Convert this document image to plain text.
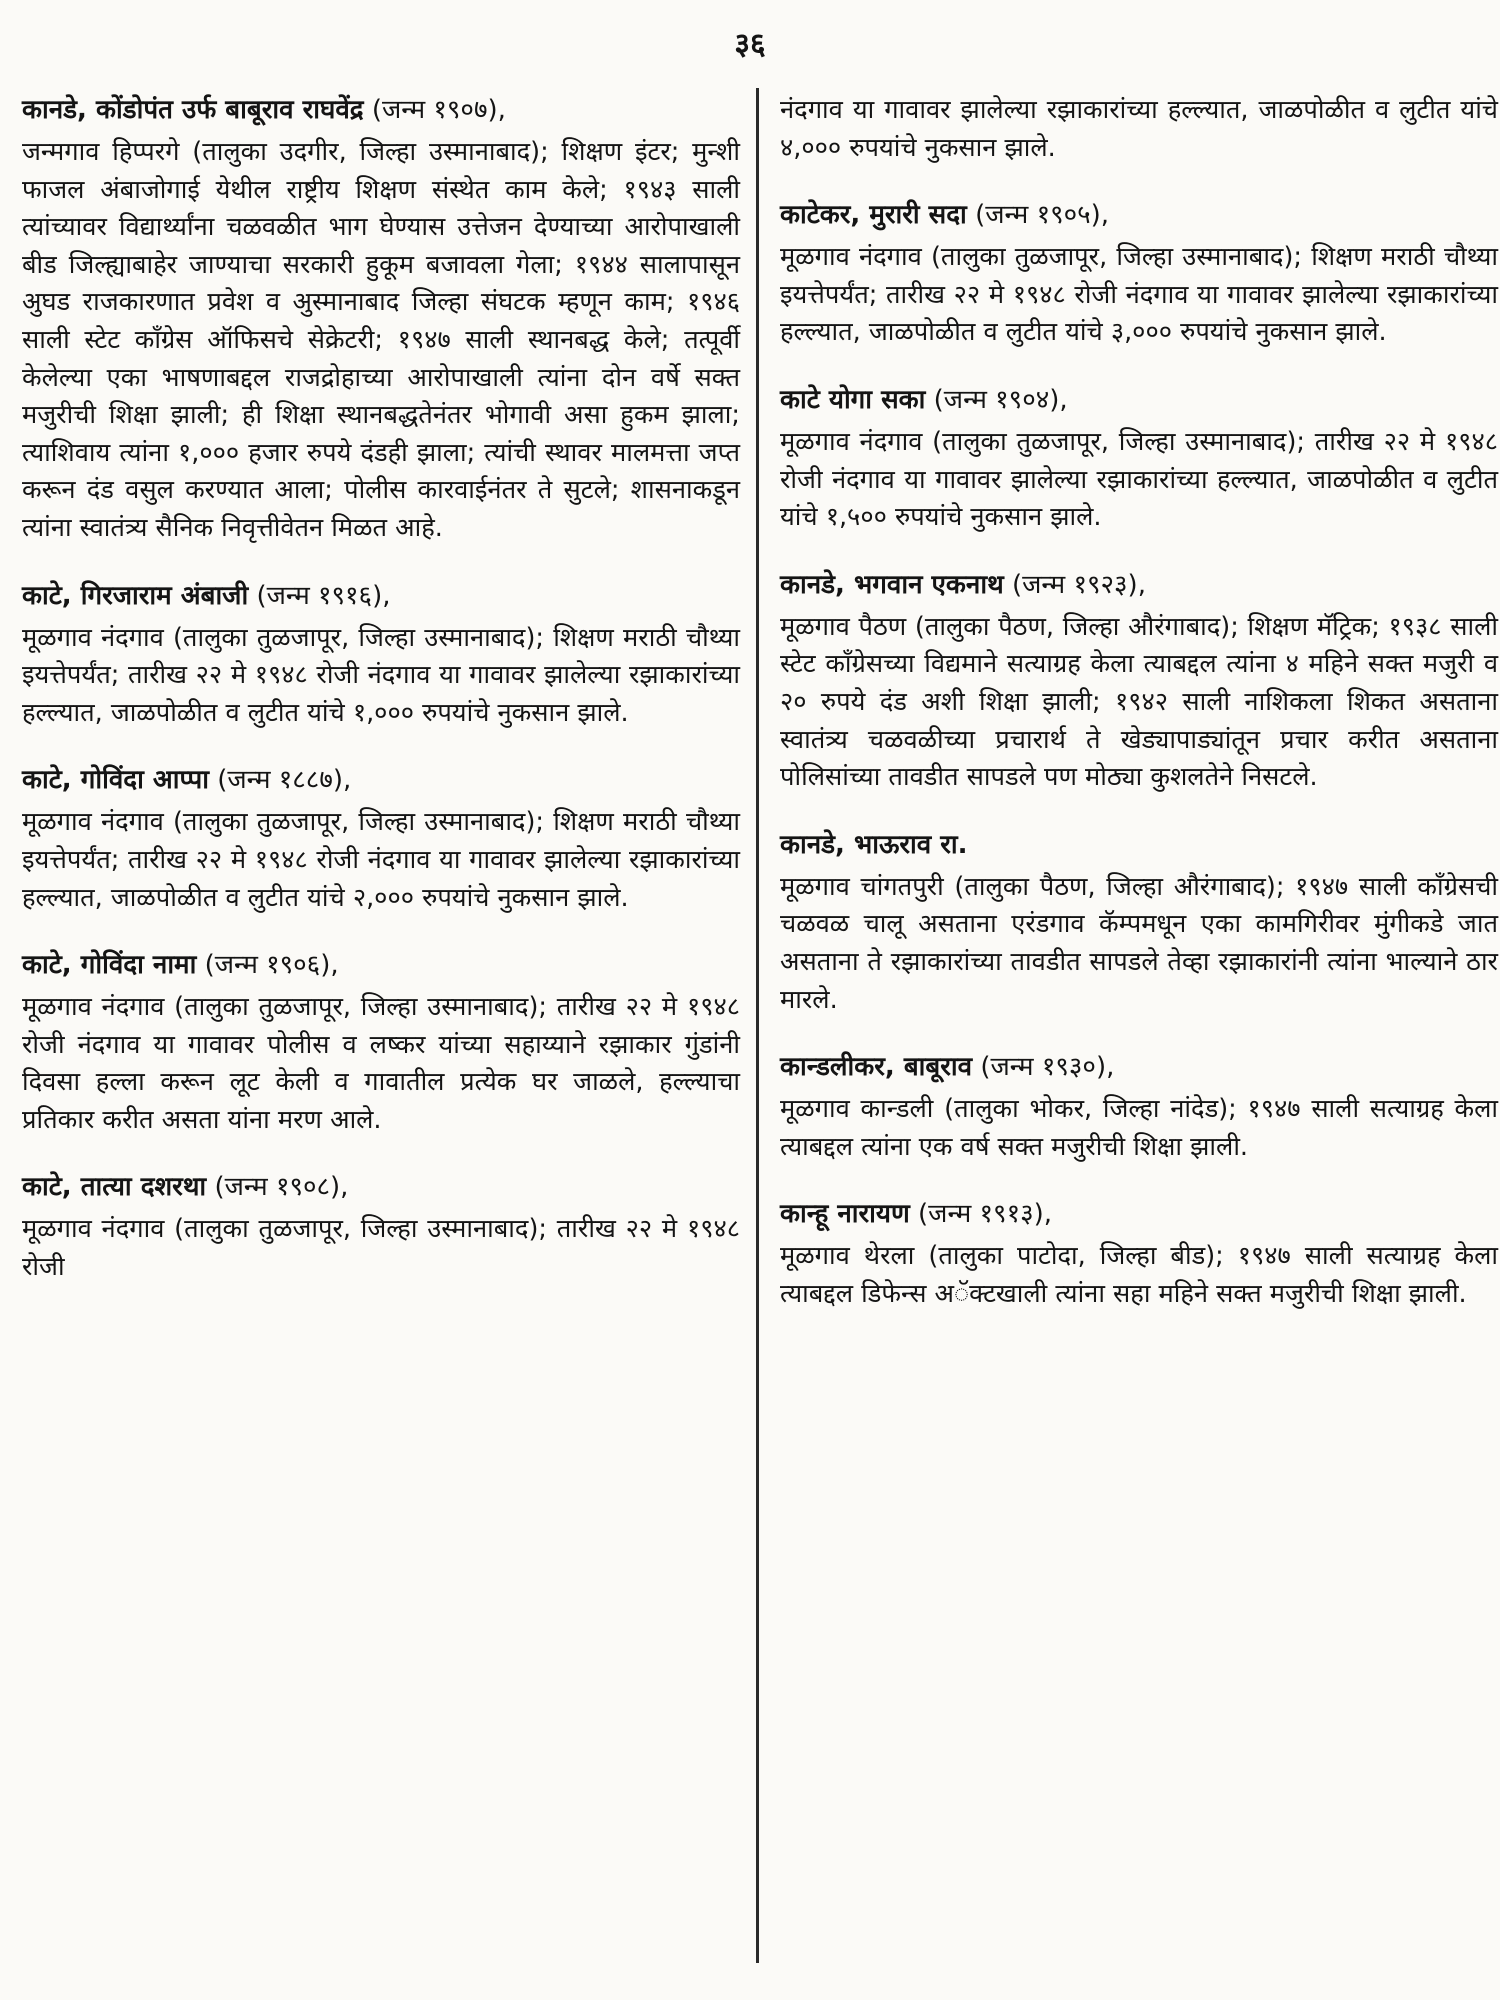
३६
कानडे, कोंडोपंत उर्फ बाबूराव राघवेंद्र (जन्म १९०७),

जन्मगाव हिप्परगे (तालुका उदगीर, जिल्हा उस्मानाबाद); शिक्षण इंटर; मुन्शी फाजल अंबाजोगाई येथील राष्ट्रीय शिक्षण संस्थेत काम केले; १९४३ साली त्यांच्यावर विद्यार्थ्यांना चळवळीत भाग घेण्यास उत्तेजन देण्याच्या आरोपाखाली बीड जिल्ह्याबाहेर जाण्याचा सरकारी हुकूम बजावला गेला; १९४४ सालापासून अुघड राजकारणात प्रवेश व अुस्मानाबाद जिल्हा संघटक म्हणून काम; १९४६ साली स्टेट कॉंग्रेस ऑफिसचे सेक्रेटरी; १९४७ साली स्थानबद्ध केले; तत्पूर्वी केलेल्या एका भाषणाबद्दल राजद्रोहाच्या आरोपाखाली त्यांना दोन वर्षे सक्त मजुरीची शिक्षा झाली; ही शिक्षा स्थानबद्धतेनंतर भोगावी असा हुकम झाला; त्याशिवाय त्यांना १,००० हजार रुपये दंडही झाला; त्यांची स्थावर मालमत्ता जप्त करून दंड वसुल करण्यात आला; पोलीस कारवाईनंतर ते सुटले; शासनाकडून त्यांना स्वातंत्र्य सैनिक निवृत्तीवेतन मिळत आहे.

काटे, गिरजाराम अंबाजी (जन्म १९१६),

मूळगाव नंदगाव (तालुका तुळजापूर, जिल्हा उस्मानाबाद); शिक्षण मराठी चौथ्या इयत्तेपर्यंत; तारीख २२ मे १९४८ रोजी नंदगाव या गावावर झालेल्या रझाकारांच्या हल्ल्यात, जाळपोळीत व लुटीत यांचे १,००० रुपयांचे नुकसान झाले.

काटे, गोविंदा आप्पा (जन्म १८८७),

मूळगाव नंदगाव (तालुका तुळजापूर, जिल्हा उस्मानाबाद); शिक्षण मराठी चौथ्या इयत्तेपर्यंत; तारीख २२ मे १९४८ रोजी नंदगाव या गावावर झालेल्या रझाकारांच्या हल्ल्यात, जाळपोळीत व लुटीत यांचे २,००० रुपयांचे नुकसान झाले.

काटे, गोविंदा नामा (जन्म १९०६),

मूळगाव नंदगाव (तालुका तुळजापूर, जिल्हा उस्मानाबाद); तारीख २२ मे १९४८ रोजी नंदगाव या गावावर पोलीस व लष्कर यांच्या सहाय्याने रझाकार गुंडांनी दिवसा हल्ला करून लूट केली व गावातील प्रत्येक घर जाळले, हल्ल्याचा प्रतिकार करीत असता यांना मरण आले.

काटे, तात्या दशरथा (जन्म १९०८),

मूळगाव नंदगाव (तालुका तुळजापूर, जिल्हा उस्मानाबाद); तारीख २२ मे १९४८ रोजी

नंदगाव या गावावर झालेल्या रझाकारांच्या हल्ल्यात, जाळपोळीत व लुटीत यांचे ४,००० रुपयांचे नुकसान झाले.

काटेकर, मुरारी सदा (जन्म १९०५),

मूळगाव नंदगाव (तालुका तुळजापूर, जिल्हा उस्मानाबाद); शिक्षण मराठी चौथ्या इयत्तेपर्यंत; तारीख २२ मे १९४८ रोजी नंदगाव या गावावर झालेल्या रझाकारांच्या हल्ल्यात, जाळपोळीत व लुटीत यांचे ३,००० रुपयांचे नुकसान झाले.

काटे योगा सका (जन्म १९०४),

मूळगाव नंदगाव (तालुका तुळजापूर, जिल्हा उस्मानाबाद); तारीख २२ मे १९४८ रोजी नंदगाव या गावावर झालेल्या रझाकारांच्या हल्ल्यात, जाळपोळीत व लुटीत यांचे १,५०० रुपयांचे नुकसान झाले.

कानडे, भगवान एकनाथ (जन्म १९२३),

मूळगाव पैठण (तालुका पैठण, जिल्हा औरंगाबाद); शिक्षण मॅट्रिक; १९३८ साली स्टेट कॉंग्रेसच्या विद्यमाने सत्याग्रह केला त्याबद्दल त्यांना ४ महिने सक्त मजुरी व २० रुपये दंड अशी शिक्षा झाली; १९४२ साली नाशिकला शिकत असताना स्वातंत्र्य चळवळीच्या प्रचारार्थ ते खेड्यापाड्यांतून प्रचार करीत असताना पोलिसांच्या तावडीत सापडले पण मोठ्या कुशलतेने निसटले.

कानडे, भाऊराव रा.

मूळगाव चांगतपुरी (तालुका पैठण, जिल्हा औरंगाबाद); १९४७ साली कॉंग्रेसची चळवळ चालू असताना एरंडगाव कॅम्पमधून एका कामगिरीवर मुंगीकडे जात असताना ते रझाकारांच्या तावडीत सापडले तेव्हा रझाकारांनी त्यांना भाल्याने ठार मारले.

कान्डलीकर, बाबूराव (जन्म १९३०),

मूळगाव कान्डली (तालुका भोकर, जिल्हा नांदेड); १९४७ साली सत्याग्रह केला त्याबद्दल त्यांना एक वर्ष सक्त मजुरीची शिक्षा झाली.

कान्हू नारायण (जन्म १९१३),

मूळगाव थेरला (तालुका पाटोदा, जिल्हा बीड); १९४७ साली सत्याग्रह केला त्याबद्दल डिफेन्स अॅक्टखाली त्यांना सहा महिने सक्त मजुरीची शिक्षा झाली.
